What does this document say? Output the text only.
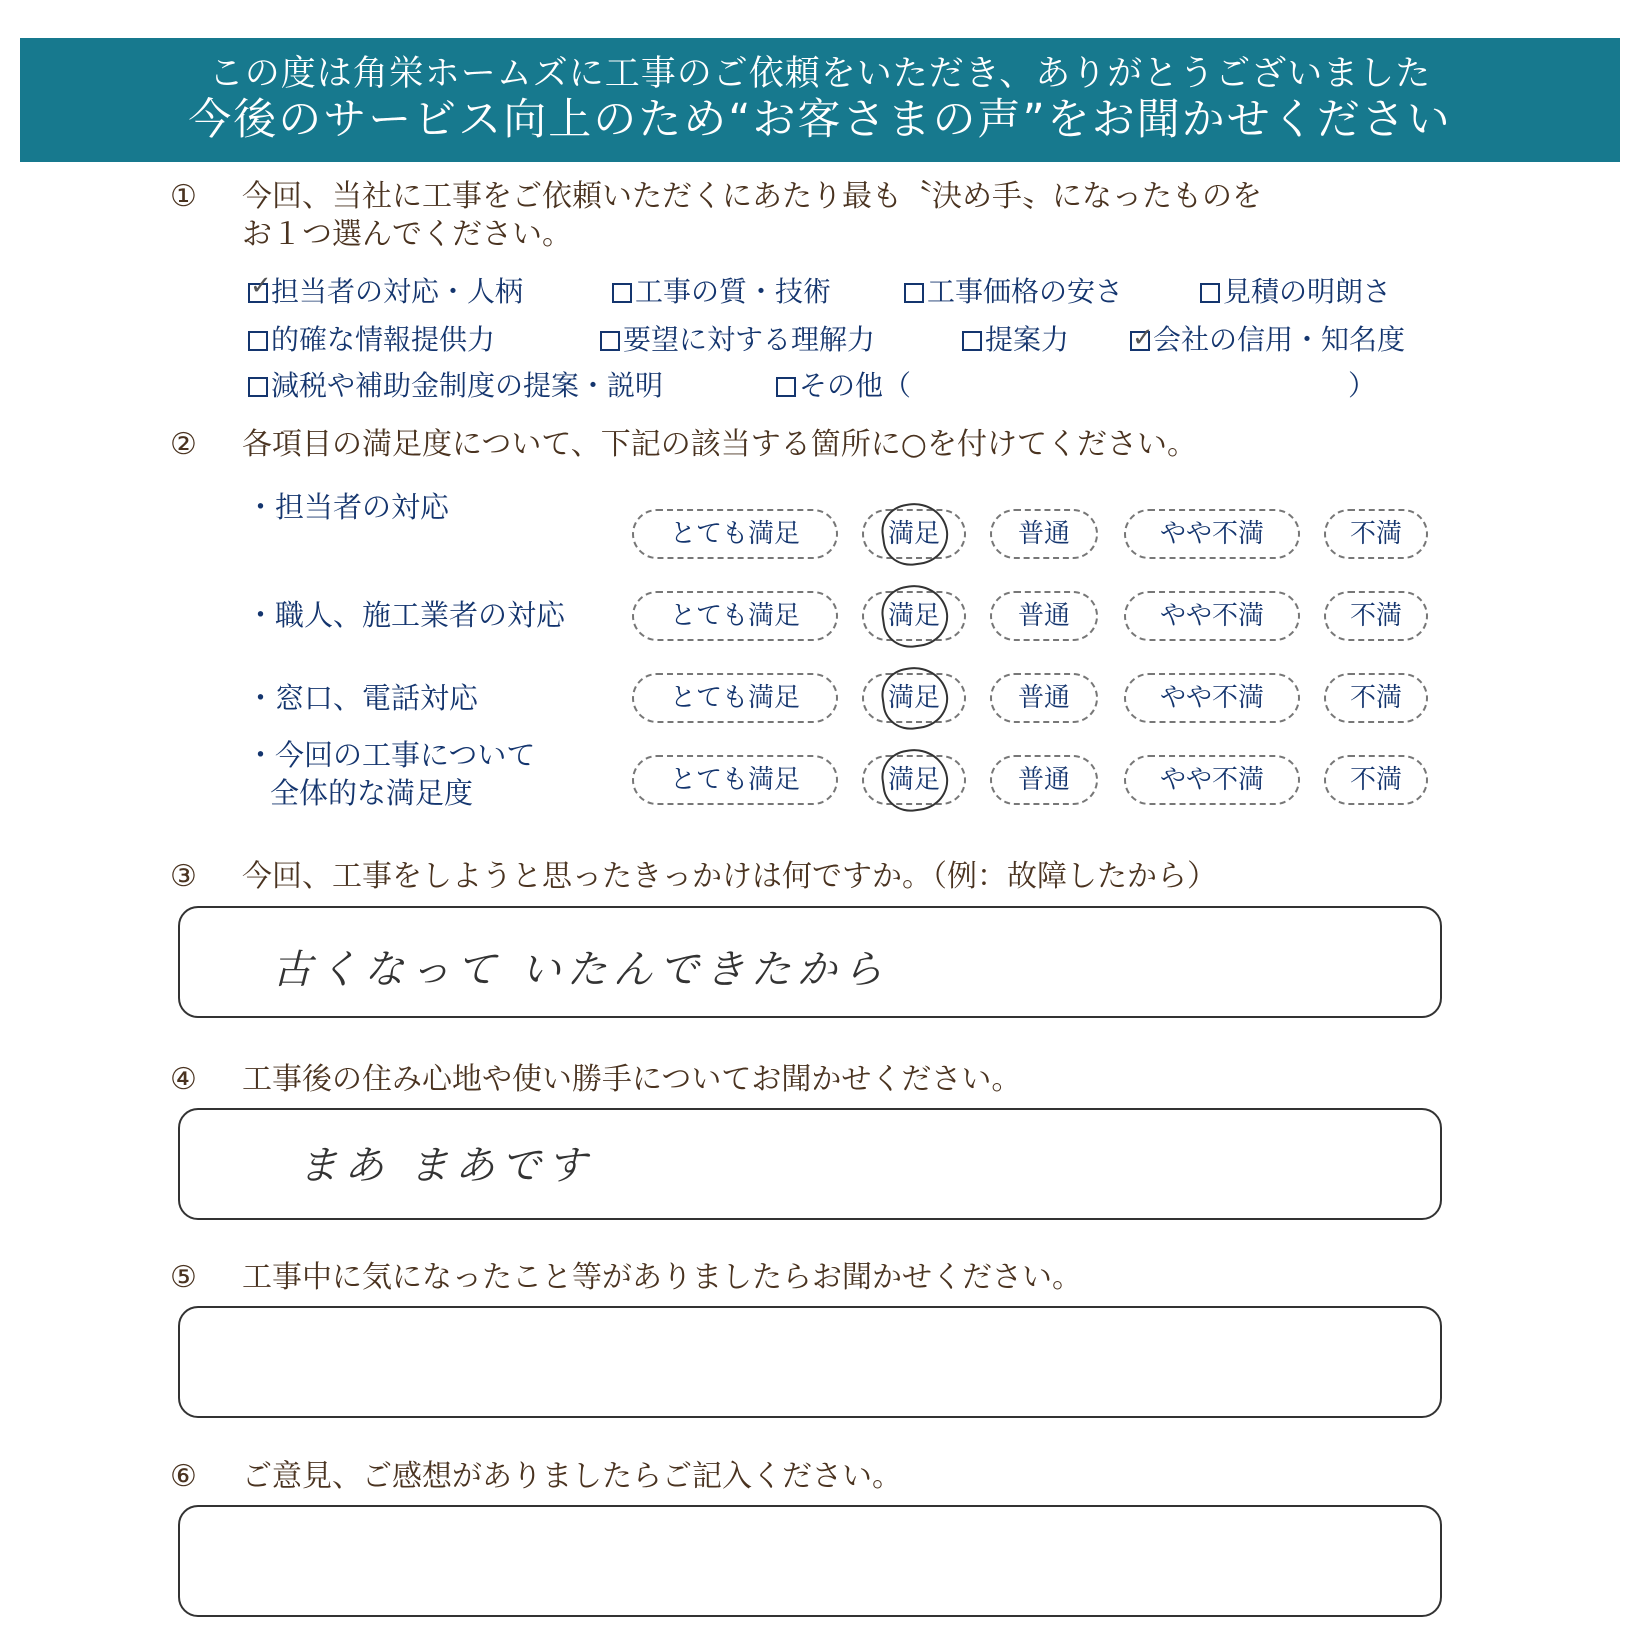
この度は角栄ホームズに工事のご依頼をいただき、ありがとうございました
今後のサービス向上のため“お客さまの声”をお聞かせください
① 今回、当社に工事をご依頼いただくにあたり最も〝決め手〟になったものを
お１つ選んでください。
✓ 担当者の対応・人柄	工事の質・技術	工事価格の安さ	見積の明朗さ
的確な情報提供力	要望に対する理解力	提案力 ✓ 会社の信用・知名度
減税や補助金制度の提案・説明	その他（	）
② 各項目の満足度について、下記の該当する箇所に○を付けてください。
・担当者の対応
とても満足	満足	普通	やや不満	不満
・職人、施工業者の対応	とても満足	満足	普通	やや不満	不満
・窓口、電話対応	とても満足	満足	普通	やや不満	不満
・今回の工事について
全体的な満足度	とても満足	満足	普通	やや不満	不満
③ 今回、工事をしようと思ったきっかけは何ですか。（例：故障したから）
古くなって いたんできたから
④ 工事後の住み心地や使い勝手についてお聞かせください。
まあ まあです
⑤ 工事中に気になったこと等がありましたらお聞かせください。
⑥ ご意見、ご感想がありましたらご記入ください。
